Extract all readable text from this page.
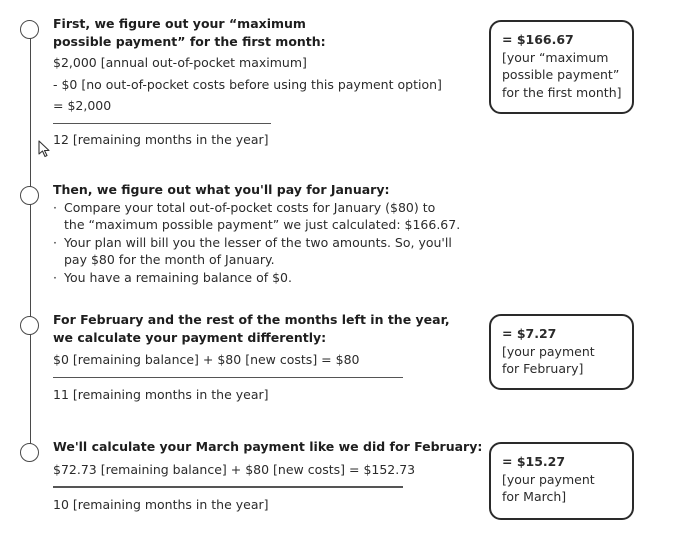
First, we figure out your “maximum
possible payment” for the first month:
$2,000 [annual out-of-pocket maximum]
- $0 [no out-of-pocket costs before using this payment option]
= $2,000
12 [remaining months in the year]
= $166.67
[your “maximum
possible payment”
for the first month]
Then, we figure out what you'll pay for January:
· Compare your total out-of-pocket costs for January ($80) to
the “maximum possible payment” we just calculated: $166.67.
· Your plan will bill you the lesser of the two amounts. So, you'll
pay $80 for the month of January.
· You have a remaining balance of $0.
For February and the rest of the months left in the year,
we calculate your payment differently:
$0 [remaining balance] + $80 [new costs] = $80
11 [remaining months in the year]
= $7.27
[your payment
for February]
We'll calculate your March payment like we did for February:
$72.73 [remaining balance] + $80 [new costs] = $152.73
10 [remaining months in the year]
= $15.27
[your payment
for March]
